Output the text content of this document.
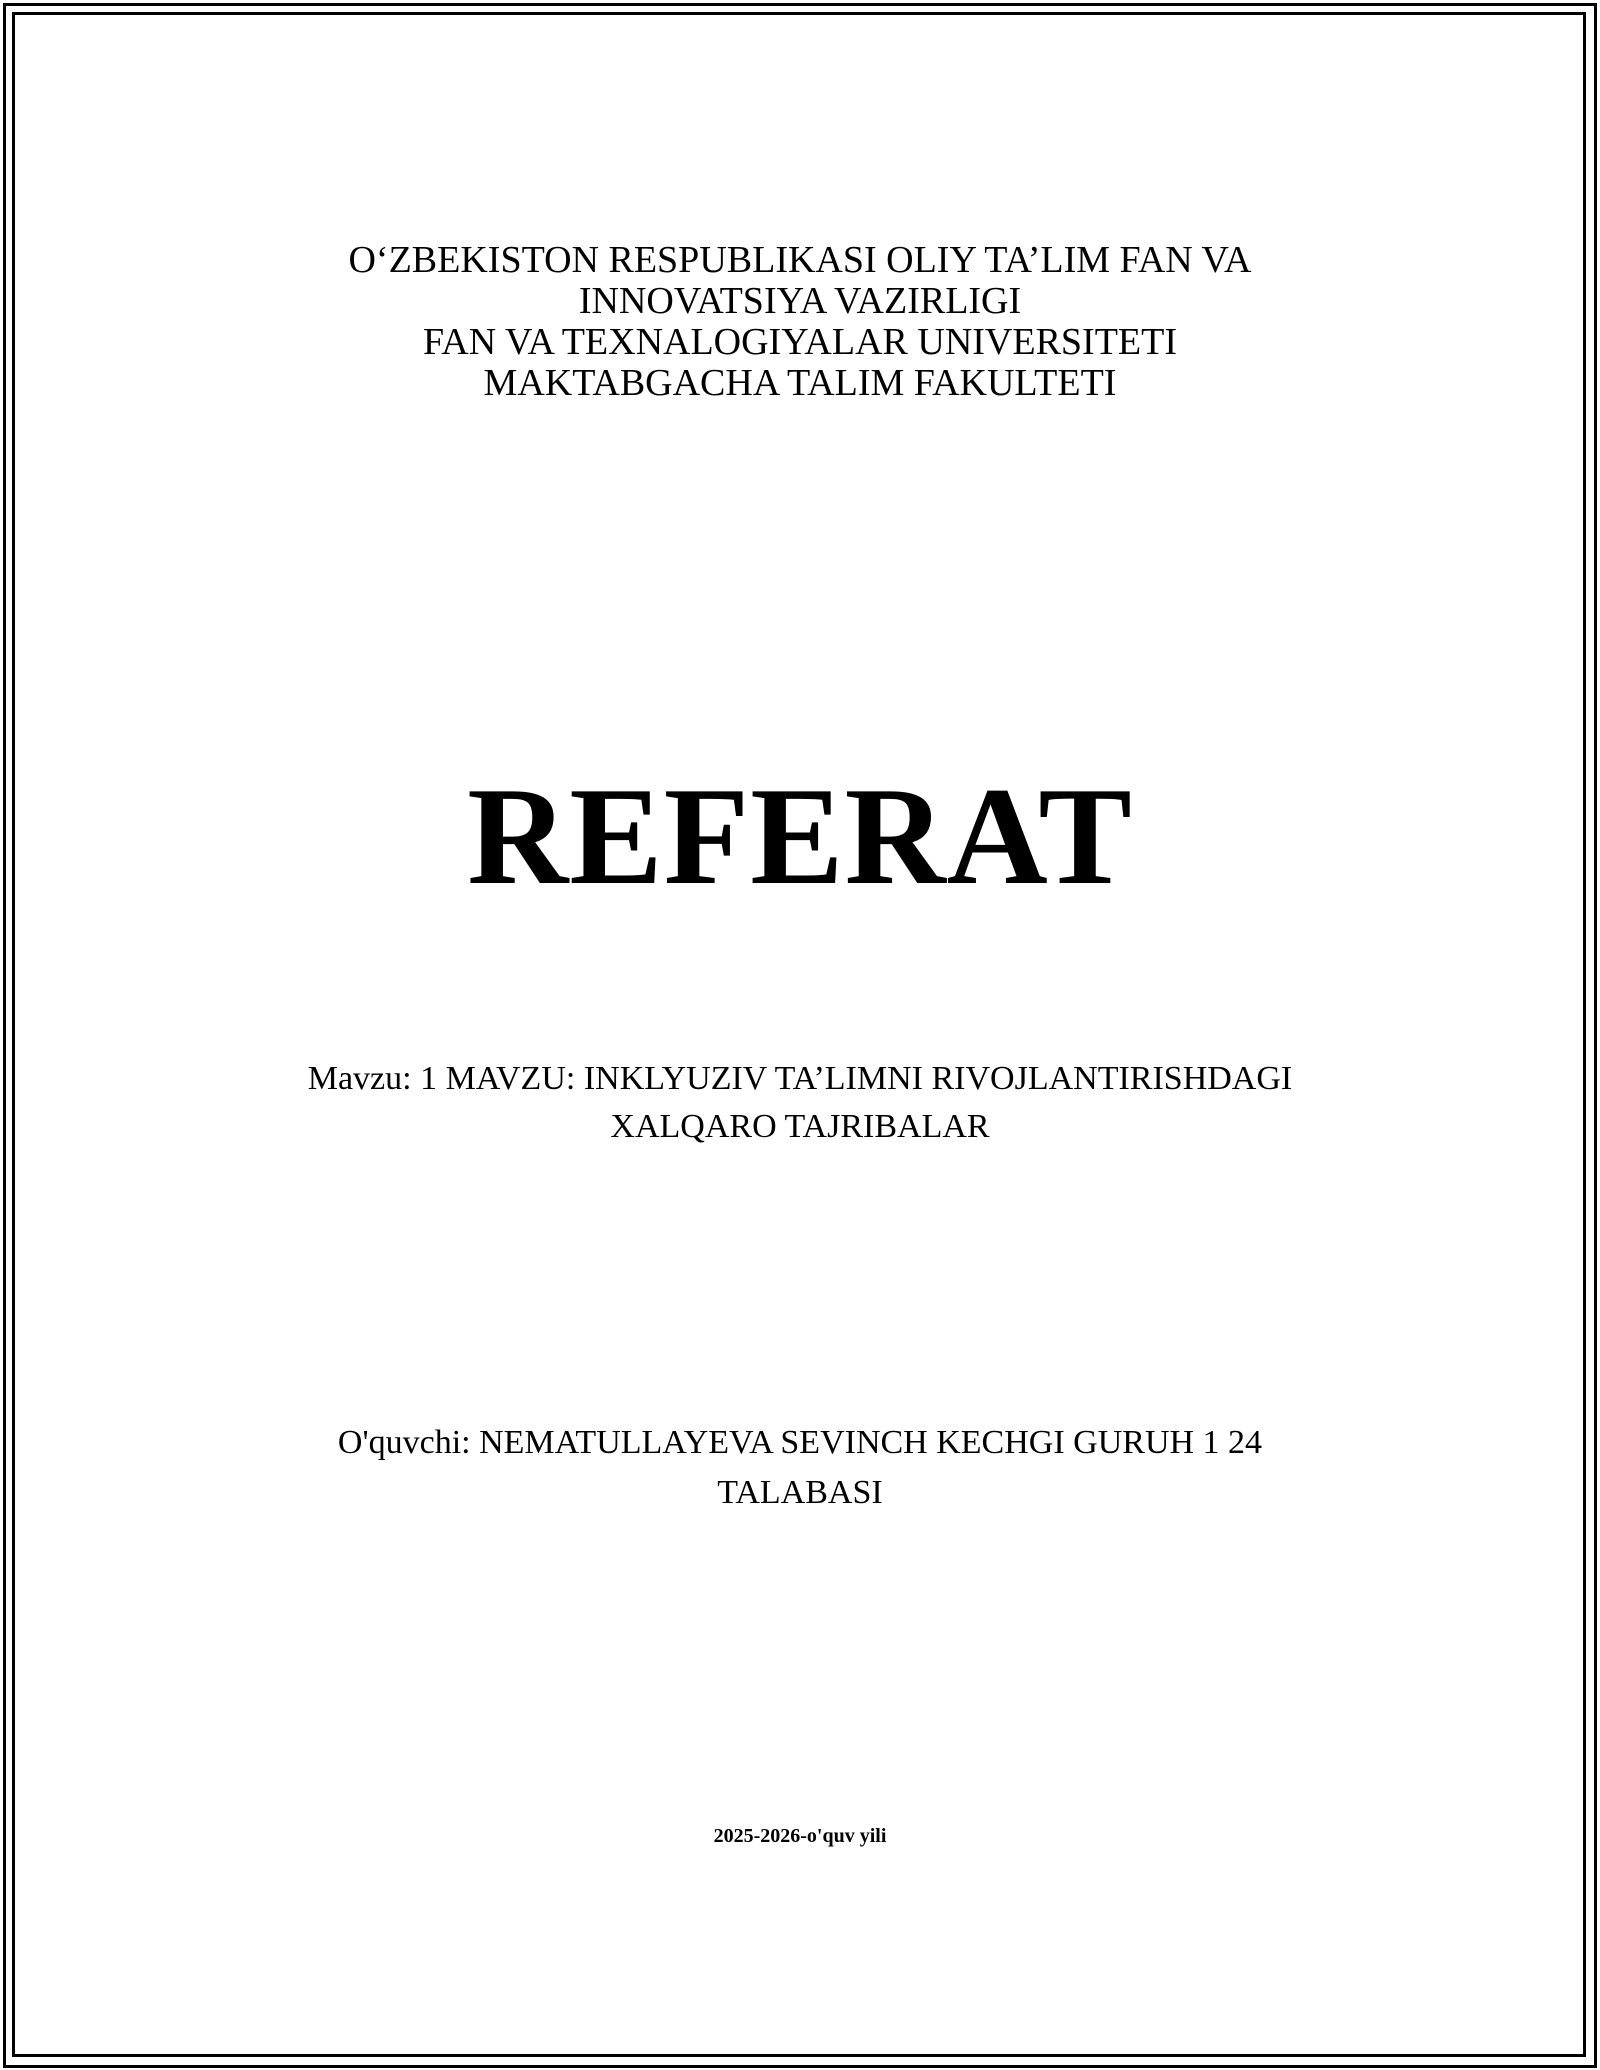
O‘ZBEKISTON RESPUBLIKASI OLIY TA’LIM FAN VA
INNOVATSIYA VAZIRLIGI
FAN VA TEXNALOGIYALAR UNIVERSITETI
MAKTABGACHA TALIM FAKULTETI
REFERAT
Mavzu: 1 MAVZU: INKLYUZIV TA’LIMNI RIVOJLANTIRISHDAGI
XALQARO TAJRIBALAR
O'quvchi: NEMATULLAYEVA SEVINCH KECHGI GURUH 1 24
TALABASI
2025-2026-o'quv yili
